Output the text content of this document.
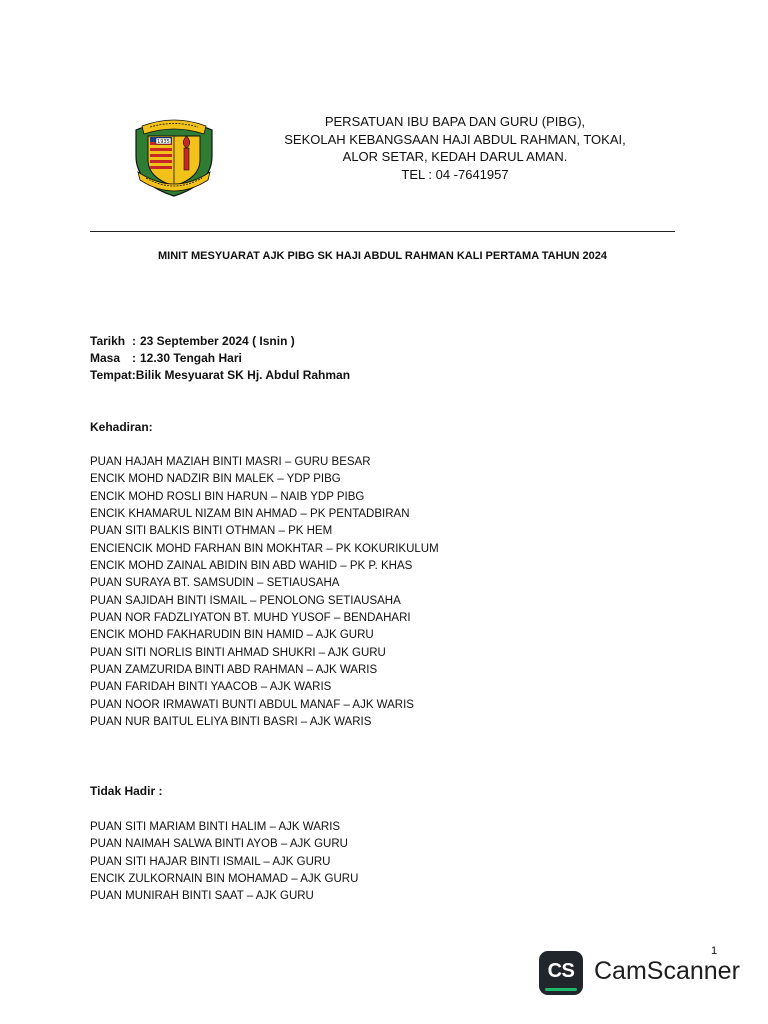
1935
PERSATUAN IBU BAPA DAN GURU (PIBG),
SEKOLAH KEBANGSAAN HAJI ABDUL RAHMAN, TOKAI,
ALOR SETAR, KEDAH DARUL AMAN.
TEL : 04 -7641957
MINIT MESYUARAT AJK PIBG SK HAJI ABDUL RAHMAN KALI PERTAMA TAHUN 2024
Tarikh : 23 September 2024 ( Isnin )
Masa : 12.30 Tengah Hari
Tempat : Bilik Mesyuarat SK Hj. Abdul Rahman
Kehadiran:
PUAN HAJAH MAZIAH BINTI MASRI – GURU BESAR
ENCIK MOHD NADZIR BIN MALEK – YDP PIBG
ENCIK MOHD ROSLI BIN HARUN – NAIB YDP PIBG
ENCIK KHAMARUL NIZAM BIN AHMAD – PK PENTADBIRAN
PUAN SITI BALKIS BINTI OTHMAN – PK HEM
ENCIENCIK MOHD FARHAN BIN MOKHTAR – PK KOKURIKULUM
ENCIK MOHD ZAINAL ABIDIN BIN ABD WAHID – PK P. KHAS
PUAN SURAYA BT. SAMSUDIN – SETIAUSAHA
PUAN SAJIDAH BINTI ISMAIL – PENOLONG SETIAUSAHA
PUAN NOR FADZLIYATON BT. MUHD YUSOF – BENDAHARI
ENCIK MOHD FAKHARUDIN BIN HAMID – AJK GURU
PUAN SITI NORLIS BINTI AHMAD SHUKRI – AJK GURU
PUAN ZAMZURIDA BINTI ABD RAHMAN – AJK WARIS
PUAN FARIDAH BINTI YAACOB – AJK WARIS
PUAN NOOR IRMAWATI BUNTI ABDUL MANAF – AJK WARIS
PUAN NUR BAITUL ELIYA BINTI BASRI – AJK WARIS
Tidak Hadir :
PUAN SITI MARIAM BINTI HALIM – AJK WARIS
PUAN NAIMAH SALWA BINTI AYOB – AJK GURU
PUAN SITI HAJAR BINTI ISMAIL – AJK GURU
ENCIK ZULKORNAIN BIN MOHAMAD – AJK GURU
PUAN MUNIRAH BINTI SAAT – AJK GURU
1
CS CamScanner
